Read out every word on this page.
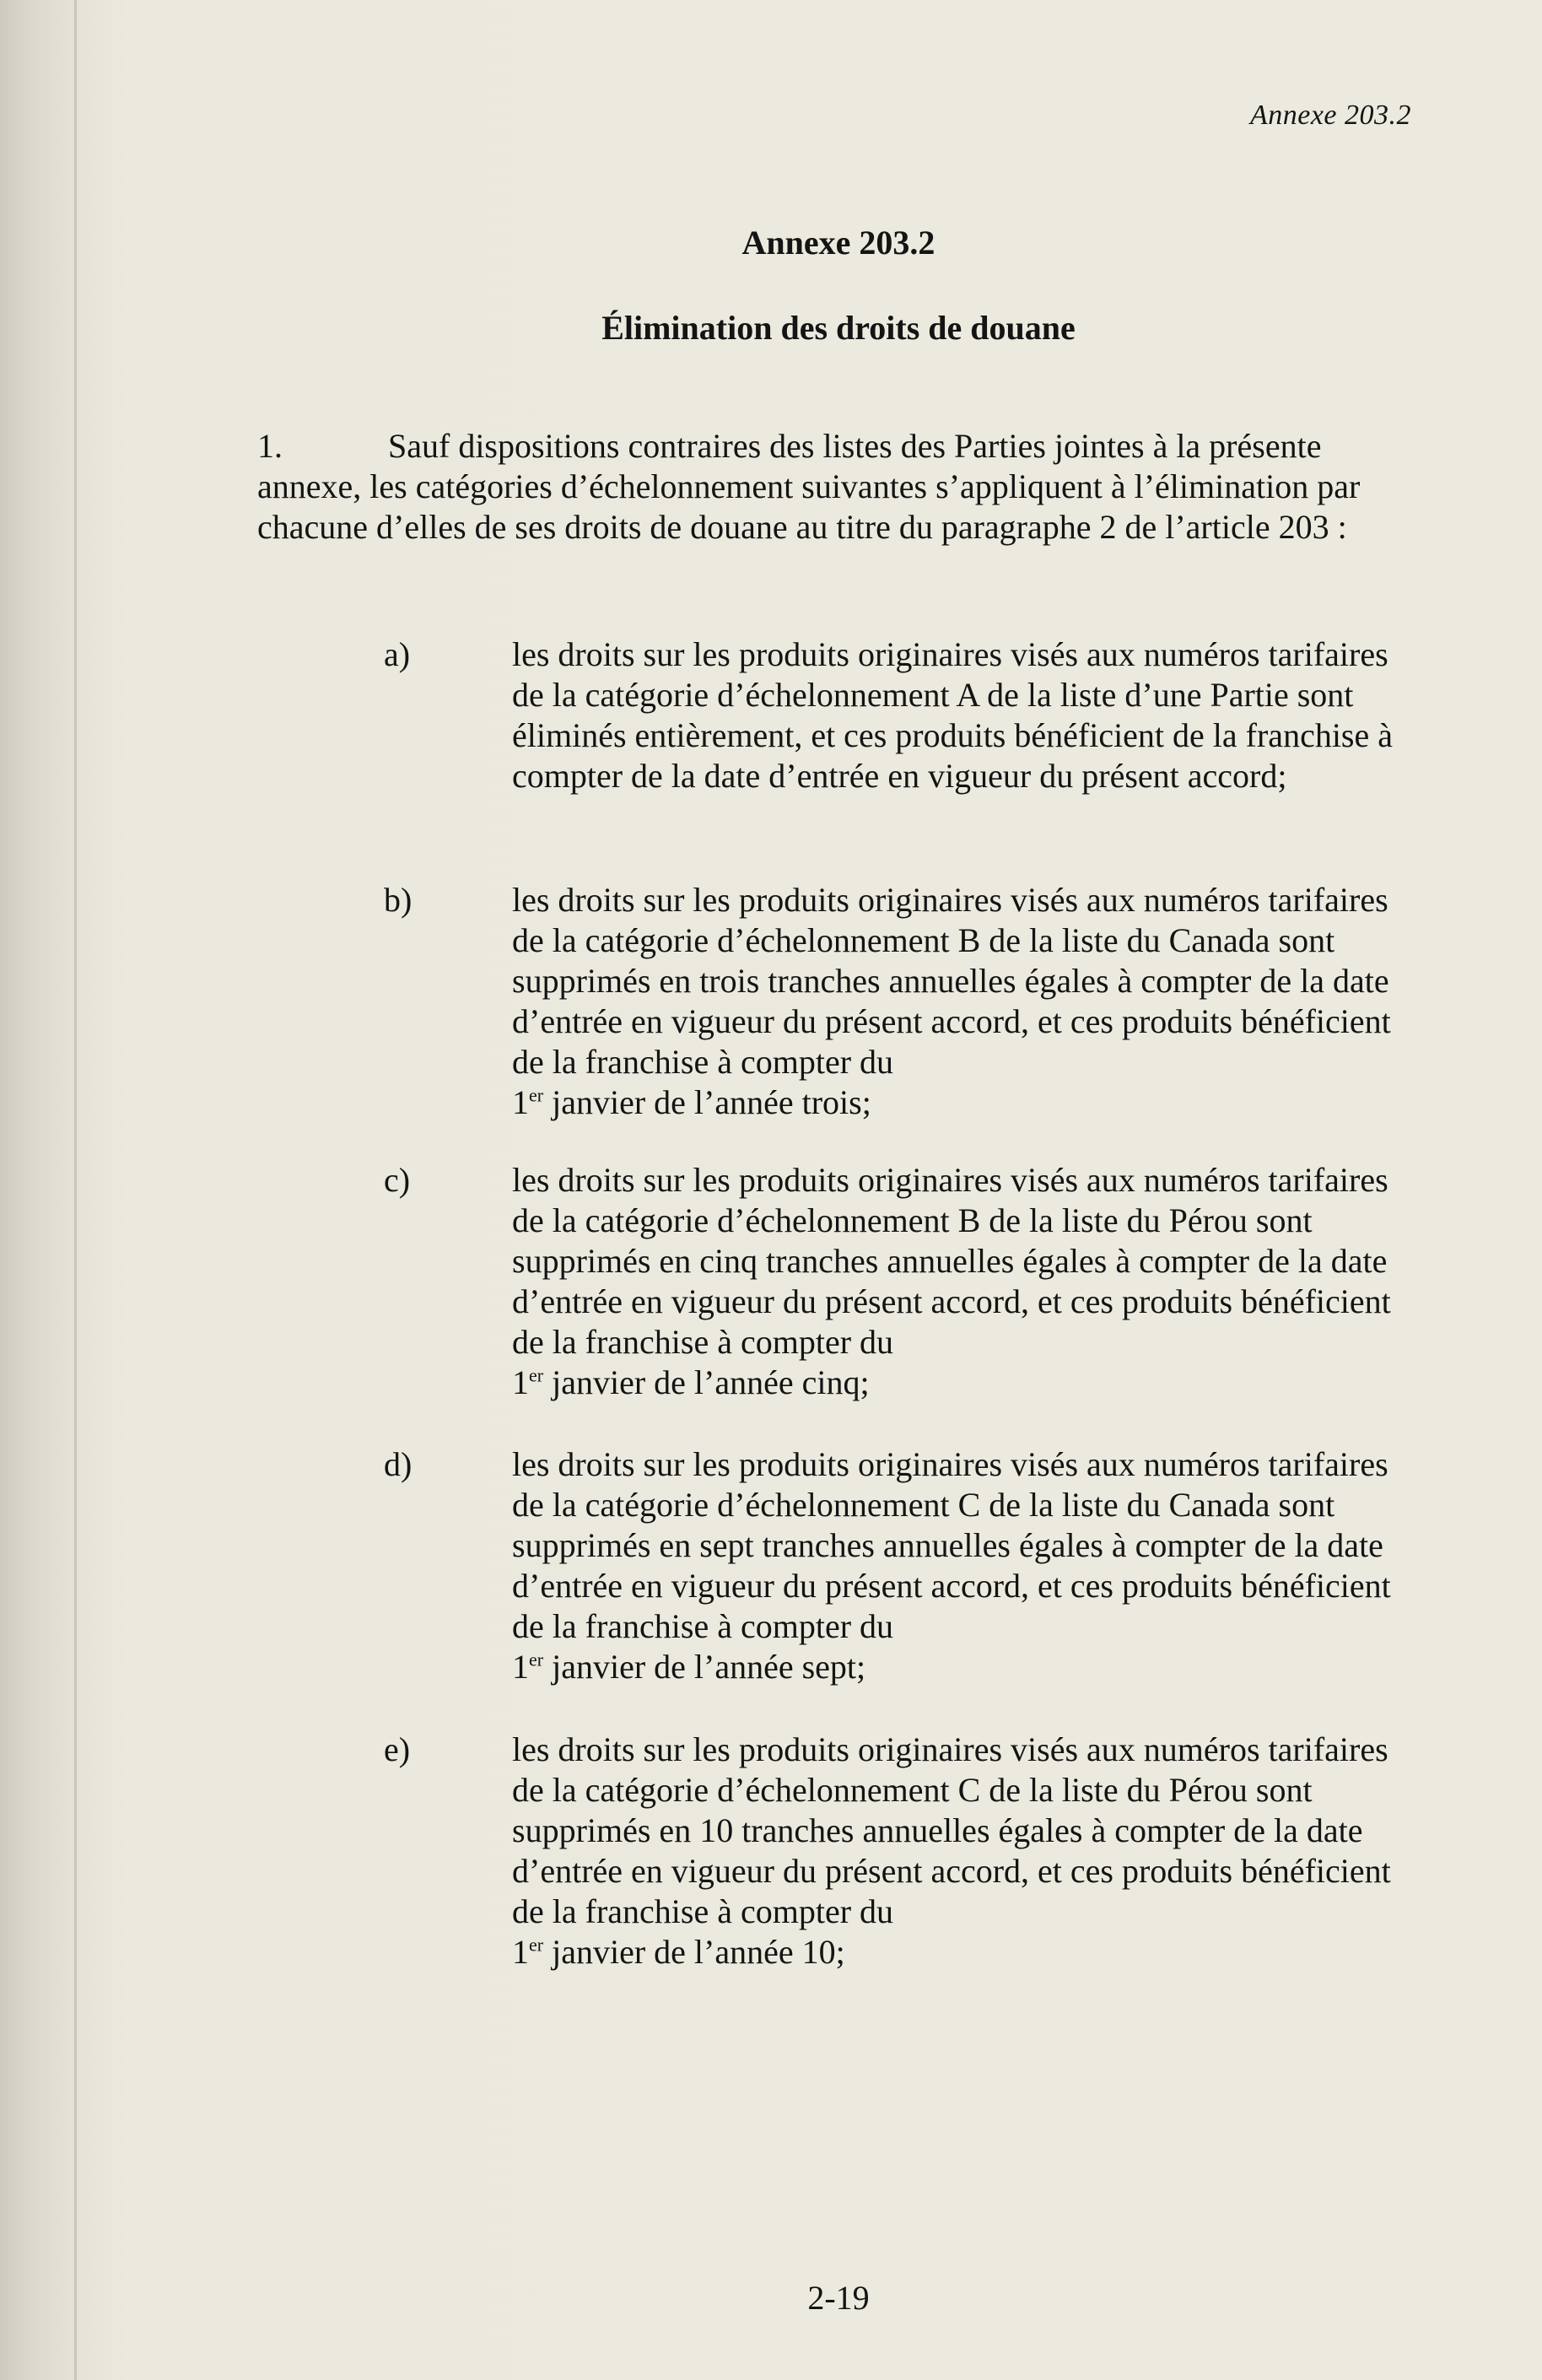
Annexe 203.2
Annexe 203.2
Élimination des droits de douane
1.	Sauf dispositions contraires des listes des Parties jointes à la présente annexe, les catégories d’échelonnement suivantes s’appliquent à l’élimination par chacune d’elles de ses droits de douane au titre du paragraphe 2 de l’article 203 :
a)	les droits sur les produits originaires visés aux numéros tarifaires de la catégorie d’échelonnement A de la liste d’une Partie sont éliminés entièrement, et ces produits bénéficient de la franchise à compter de la date d’entrée en vigueur du présent accord;
b)	les droits sur les produits originaires visés aux numéros tarifaires de la catégorie d’échelonnement B de la liste du Canada sont supprimés en trois tranches annuelles égales à compter de la date d’entrée en vigueur du présent accord, et ces produits bénéficient de la franchise à compter du
1er janvier de l’année trois;
c)	les droits sur les produits originaires visés aux numéros tarifaires de la catégorie d’échelonnement B de la liste du Pérou sont supprimés en cinq tranches annuelles égales à compter de la date d’entrée en vigueur du présent accord, et ces produits bénéficient de la franchise à compter du
1er janvier de l’année cinq;
d)	les droits sur les produits originaires visés aux numéros tarifaires de la catégorie d’échelonnement C de la liste du Canada sont supprimés en sept tranches annuelles égales à compter de la date d’entrée en vigueur du présent accord, et ces produits bénéficient de la franchise à compter du
1er janvier de l’année sept;
e)	les droits sur les produits originaires visés aux numéros tarifaires de la catégorie d’échelonnement C de la liste du Pérou sont supprimés en 10 tranches annuelles égales à compter de la date d’entrée en vigueur du présent accord, et ces produits bénéficient de la franchise à compter du
1er janvier de l’année 10;
2-19
